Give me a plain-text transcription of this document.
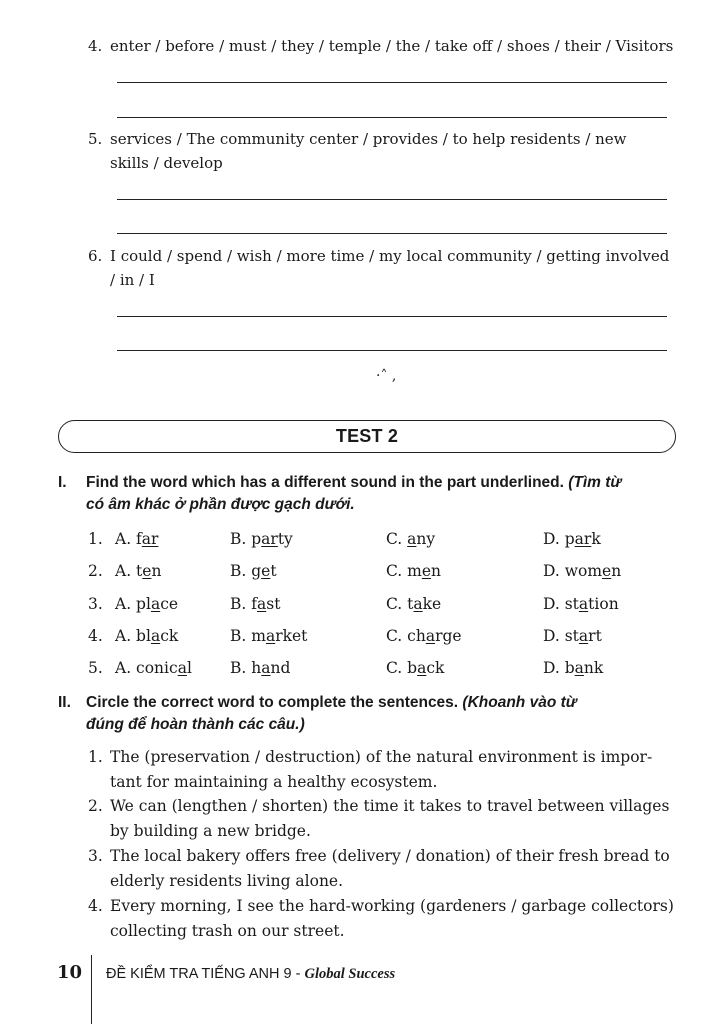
4. enter / before / must / they / temple / the / take off / shoes / their / Visitors
5. services / The community center / provides / to help residents / new
skills / develop
6. I could / spend / wish / more time / my local community / getting involved
/ in / I
·˄ ,
TEST 2
I. Find the word which has a different sound in the part underlined. (Tìm từ
có âm khác ở phần được gạch dưới.
1. A. far	B. party	C. any	D. park
2. A. ten	B. get	C. men	D. women
3. A. place	B. fast	C. take	D. station
4. A. black	B. market	C. charge	D. start
5. A. conical B. hand	C. back	D. bank
II. Circle the correct word to complete the sentences. (Khoanh vào từ
đúng để hoàn thành các câu.)
1. The (preservation / destruction) of the natural environment is impor-
tant for maintaining a healthy ecosystem.
2. We can (lengthen / shorten) the time it takes to travel between villages
by building a new bridge.
3. The local bakery offers free (delivery / donation) of their fresh bread to
elderly residents living alone.
4. Every morning, I see the hard-working (gardeners / garbage collectors)
collecting trash on our street.
10 ĐỀ KIỂM TRA TIẾNG ANH 9 - Global Success
